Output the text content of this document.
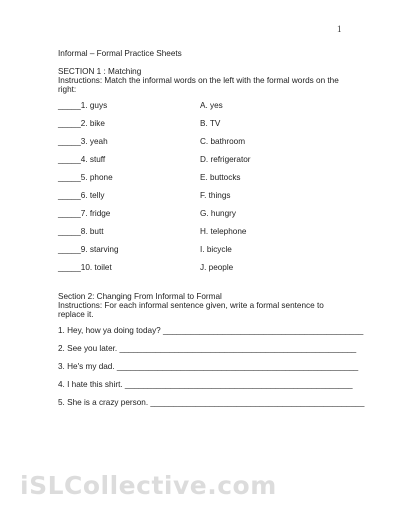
1
Informal – Formal Practice Sheets
SECTION 1 : Matching
Instructions: Match the informal words on the left with the formal words on the
right:
_____1. guys	A. yes
_____2. bike	B. TV
_____3. yeah	C. bathroom
_____4. stuff	D. refrigerator
_____5. phone	E. buttocks
_____6. telly	F. things
_____7. fridge	G. hungry
_____8. butt	H. telephone
_____9. starving	I. bicycle
_____10. toilet	J. people
Section 2: Changing From Informal to Formal
Instructions: For each informal sentence given, write a formal sentence to
replace it.
1. Hey, how ya doing today? ____________________________________________
2. See you later. ____________________________________________________
3. He's my dad. _____________________________________________________
4. I hate this shirt. __________________________________________________
5. She is a crazy person. _______________________________________________
iSLCollective.com
